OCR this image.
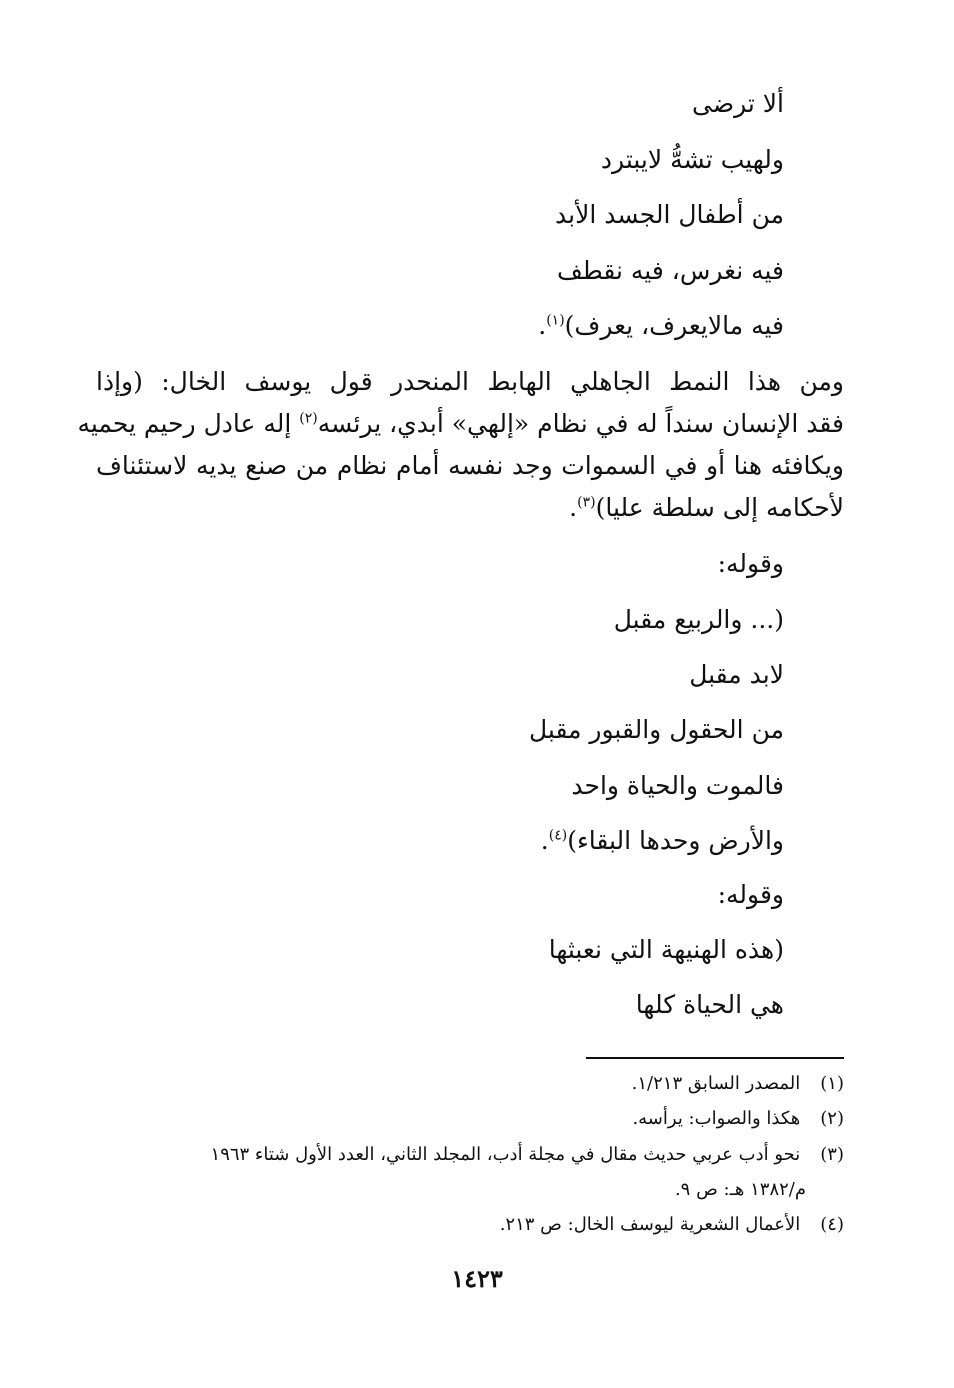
ألا ترضى
ولهيب تشهُّ لايبترد
من أطفال الجسد الأبد
فيه نغرس، فيه نقطف
فيه مالايعرف، يعرف)$^{(١)}$.
ومن هذا النمط الجاهلي الهابط المنحدر قول يوسف الخال: (وإذا
فقد الإنسان سنداً له في نظام «إلهي» أبدي، يرئسه$^{(٢)}$ إله عادل رحيم يحميه
ويكافئه هنا أو في السموات وجد نفسه أمام نظام من صنع يديه لاستئناف
لأحكامه إلى سلطة عليا)$^{(٣)}$.
وقوله:
(... والربيع مقبل
لابد مقبل
من الحقول والقبور مقبل
فالموت والحياة واحد
والأرض وحدها البقاء)$^{(٤)}$.
وقوله:
(هذه الهنيهة التي نعبثها
هي الحياة كلها
(١) المصدر السابق ١/٢١٣.
(٢) هكذا والصواب: يرأسه.
(٣) نحو أدب عربي حديث مقال في مجلة أدب، المجلد الثاني، العدد الأول شتاء ١٩٦٣
م/١٣٨٢ هـ: ص ٩.
(٤) الأعمال الشعرية ليوسف الخال: ص ٢١٣.
١٤٢٣
